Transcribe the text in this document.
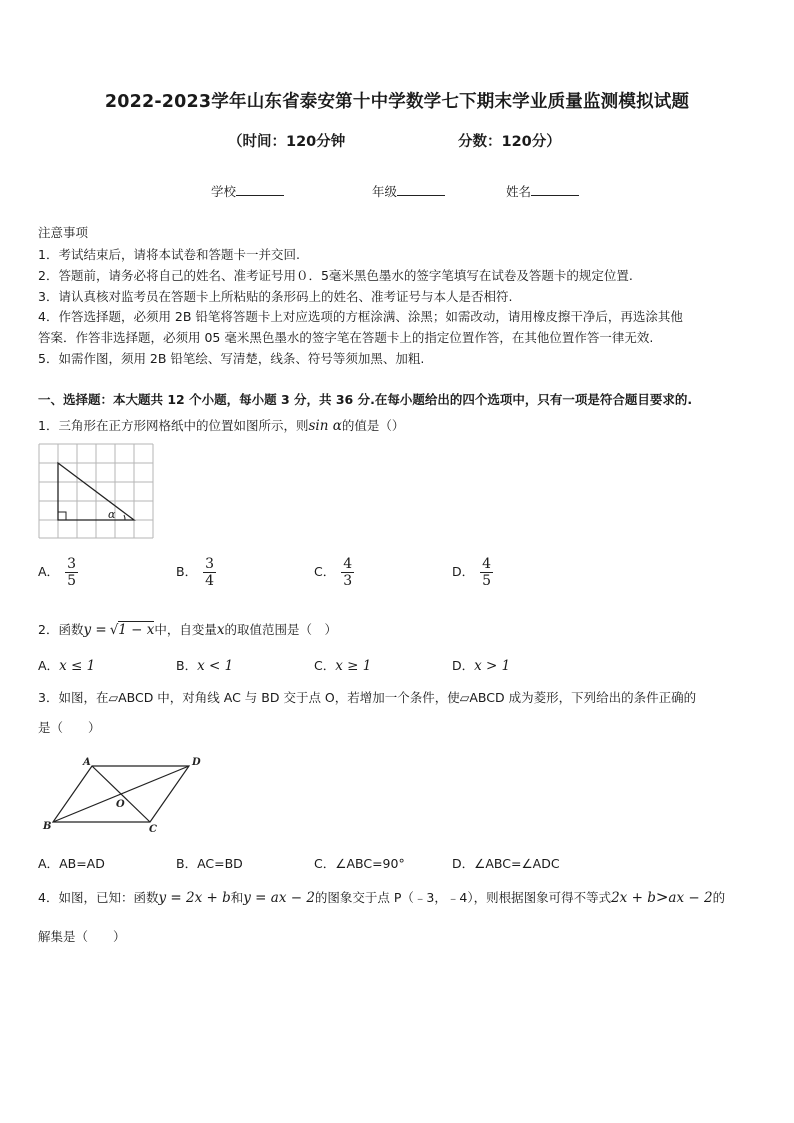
2022-2023学年山东省泰安第十中学数学七下期末学业质量监测模拟试题
（时间：120分钟	分数：120分）
学校	年级	姓名
注意事项
1．考试结束后，请将本试卷和答题卡一并交回.
2．答题前，请务必将自己的姓名、准考证号用０．5毫米黑色墨水的签字笔填写在试卷及答题卡的规定位置.
3．请认真核对监考员在答题卡上所粘贴的条形码上的姓名、准考证号与本人是否相符.
4．作答选择题，必须用 2B 铅笔将答题卡上对应选项的方框涂满、涂黑；如需改动，请用橡皮擦干净后，再选涂其他
答案．作答非选择题，必须用 05 毫米黑色墨水的签字笔在答题卡上的指定位置作答，在其他位置作答一律无效.
5．如需作图，须用 2B 铅笔绘、写清楚，线条、符号等须加黑、加粗.
一、选择题：本大题共 12 个小题，每小题 3 分，共 36 分.在每小题给出的四个选项中，只有一项是符合题目要求的.
1．三角形在正方形网格纸中的位置如图所示，则sin α的值是（）
α
A． $\frac{3}{5}$	B． $\frac{3}{4}$	C． $\frac{4}{3}$	D． $\frac{4}{5}$
2．函数y = √1 − x中，自变量x的取值范围是（　）
A．x ≤ 1	B．x < 1	C．x ≥ 1	D．x > 1
3．如图，在▱ABCD 中，对角线 AC 与 BD 交于点 O，若增加一个条件，使▱ABCD 成为菱形，下列给出的条件正确的
是（　　）
A	D
B	C
O
A．AB=AD	B．AC=BD	C．∠ABC=90°	D．∠ABC=∠ADC
4．如图，已知：函数y = 2x + b和y = ax − 2的图象交于点 P（﹣3，﹣4），则根据图象可得不等式2x + b>ax − 2的
解集是（　　）
